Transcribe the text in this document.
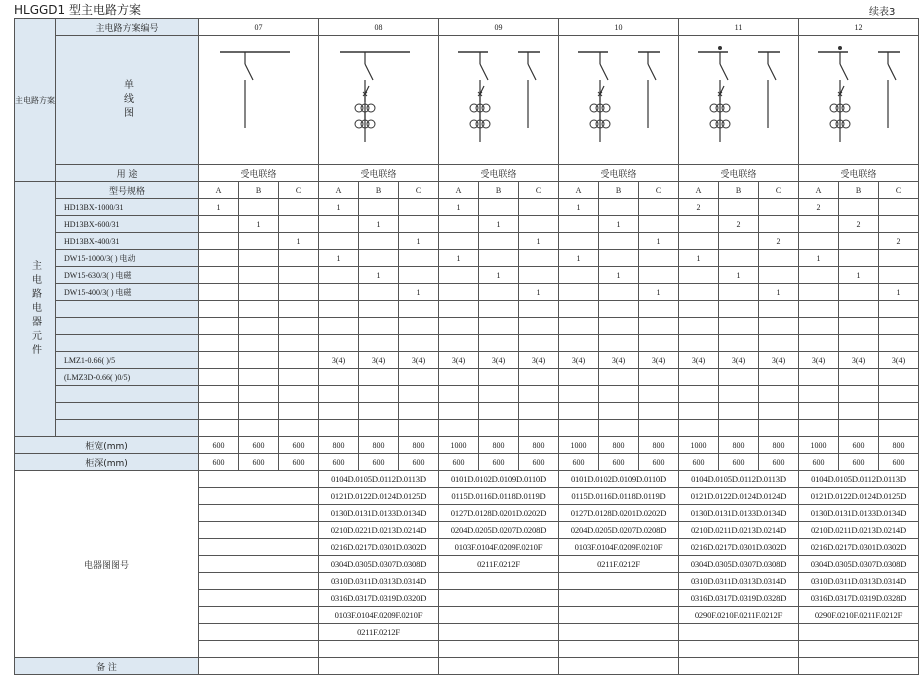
HLGGD1 型主电路方案	续表3
主电路方案	主电路方案编号	07			08			09			10			11			12		
	单线图	

	用 途	受电联络			受电联络			受电联络			受电联络			受电联络			受电联络		
主电路电器元件	型号规格	A	B	C	A	B	C	A	B	C	A	B	C	A	B	C	A	B	C
	HD13BX-1000/31	1			1			1			1			2			2		
	HD13BX-600/31		1			1			1			1			2			2	
	HD13BX-400/31			1			1			1			1			2			2
	DW15-1000/3( ) 电动				1			1			1			1			1		
	DW15-630/3( ) 电磁					1			1			1			1			1	
	DW15-400/3( ) 电磁						1			1			1			1			1

	LMZ1-0.66( )/5				3(4)	3(4)	3(4)	3(4)	3(4)	3(4)	3(4)	3(4)	3(4)	3(4)	3(4)	3(4)	3(4)	3(4)	3(4)
	(LMZ3D-0.66( )0/5)																		

柜宽(mm)		600	600	600	800	800	800	1000	800	800	1000	800	800	1000	800	800	1000	600	800
柜深(mm)		600	600	600	600	600	600	600	600	600	600	600	600	600	600	600	600	600	600
电器图图号					0104D.0105D.0112D.0113D			0101D.0102D.0109D.0110D			0101D.0102D.0109D.0110D			0104D.0105D.0112D.0113D			0104D.0105D.0112D.0113D		
					0121D.0122D.0124D.0125D			0115D.0116D.0118D.0119D			0115D.0116D.0118D.0119D			0121D.0122D.0124D.0124D			0121D.0122D.0124D.0125D		
					0130D.0131D.0133D.0134D			0127D.0128D.0201D.0202D			0127D.0128D.0201D.0202D			0130D.0131D.0133D.0134D			0130D.0131D.0133D.0134D		
					0210D.0221D.0213D.0214D			0204D.0205D.0207D.0208D			0204D.0205D.0207D.0208D			0210D.0211D.0213D.0214D			0210D.0211D.0213D.0214D		
					0216D.0217D.0301D.0302D			0103F.0104F.0209F.0210F			0103F.0104F.0209F.0210F			0216D.0217D.0301D.0302D			0216D.0217D.0301D.0302D		
					0304D.0305D.0307D.0308D			0211F.0212F			0211F.0212F			0304D.0305D.0307D.0308D			0304D.0305D.0307D.0308D		
					0310D.0311D.0313D.0314D									0310D.0311D.0313D.0314D			0310D.0311D.0313D.0314D		
					0316D.0317D.0319D.0320D									0316D.0317D.0319D.0328D			0316D.0317D.0319D.0328D		
					0103F.0104F.0209F.0210F									0290F.0210F.0211F.0212F			0290F.0210F.0211F.0212F		
					0211F.0212F														

备 注																			
